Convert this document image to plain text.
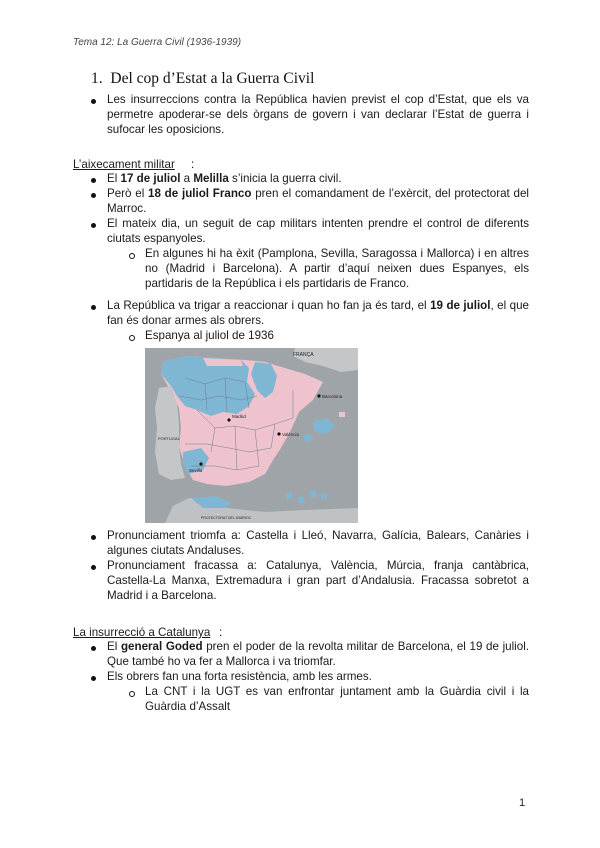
Tema 12: La Guerra Civil (1936-1939)
1. Del cop d’Estat a la Guerra Civil
Les insurreccions contra la República havien previst el cop d’Estat, que els va permetre apoderar-se dels òrgans de govern i van declarar l’Estat de guerra i sufocar les oposicions.
L’aixecament militar :
El 17 de juliol a Melilla s’inicia la guerra civil.
Però el 18 de juliol Franco pren el comandament de l’exèrcit, del protectorat del Marroc.
El mateix dia, un seguit de cap militars intenten prendre el control de diferents ciutats espanyoles.
En algunes hi ha èxit (Pamplona, Sevilla, Saragossa i Mallorca) i en altres no (Madrid i Barcelona). A partir d’aquí neixen dues Espanyes, els partidaris de la República i els partidaris de Franco.
La República va trigar a reaccionar i quan ho fan ja és tard, el 19 de juliol, el que fan és donar armes als obrers.
Espanya al juliol de 1936
FRANÇA
PORTUGAL
Madrid
Barcelona
València
Sevilla
PROTECTORAT DEL MARROC
Pronunciament triomfa a: Castella i Lleó, Navarra, Galícia, Balears, Canàries i algunes ciutats Andaluses.
Pronunciament fracassa a: Catalunya, València, Múrcia, franja cantàbrica, Castella-La Manxa, Extremadura i gran part d’Andalusia. Fracassa sobretot a Madrid i a Barcelona.
La insurrecció a Catalunya :
El general Goded pren el poder de la revolta militar de Barcelona, el 19 de juliol. Que també ho va fer a Mallorca i va triomfar.
Els obrers fan una forta resistència, amb les armes.
La CNT i la UGT es van enfrontar juntament amb la Guàrdia civil i la Guàrdia d’Assalt
1
